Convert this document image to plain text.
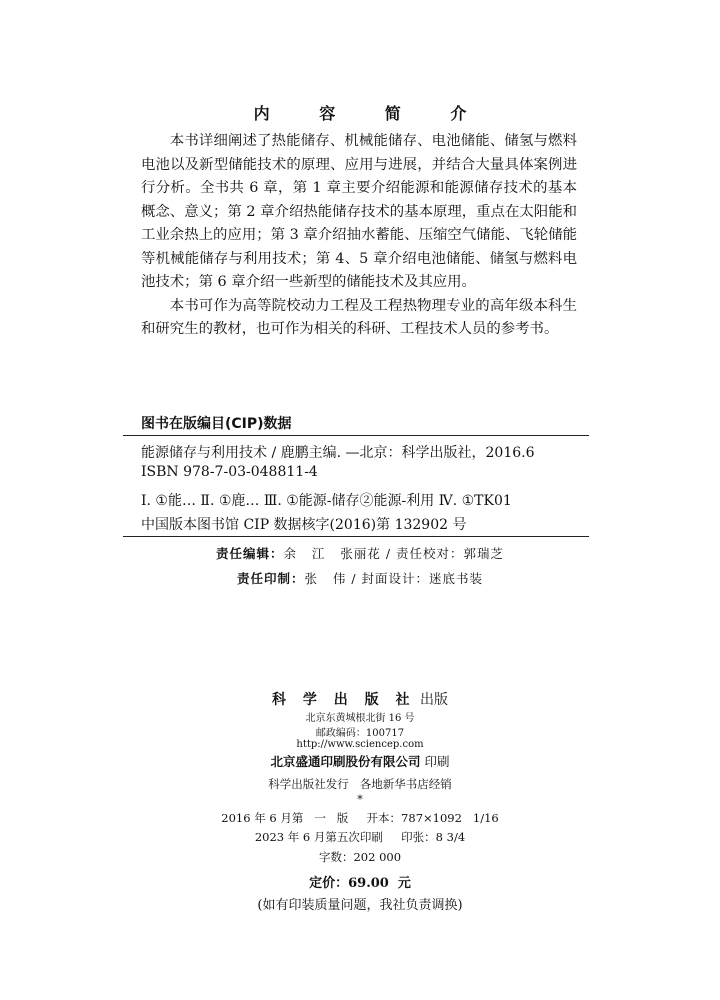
内 容 简 介

本书详细阐述了热能储存、机械能储存、电池储能、储氢与燃料电池以及新型储能技术的原理、应用与进展，并结合大量具体案例进行分析。全书共 6 章，第 1 章主要介绍能源和能源储存技术的基本概念、意义；第 2 章介绍热能储存技术的基本原理，重点在太阳能和工业余热上的应用；第 3 章介绍抽水蓄能、压缩空气储能、飞轮储能等机械能储存与利用技术；第 4、5 章介绍电池储能、储氢与燃料电池技术；第 6 章介绍一些新型的储能技术及其应用。

本书可作为高等院校动力工程及工程热物理专业的高年级本科生和研究生的教材，也可作为相关的科研、工程技术人员的参考书。

图书在版编目(CIP)数据
能源储存与利用技术 / 鹿鹏主编. —北京：科学出版社，2016.6
ISBN 978-7-03-048811-4
Ⅰ. ①能… Ⅱ. ①鹿… Ⅲ. ①能源-储存②能源-利用 Ⅳ. ①TK01
中国版本图书馆 CIP 数据核字(2016)第 132902 号
责任编辑：余   江   张丽花 / 责任校对：郭瑞芝
责任印制：张   伟 / 封面设计：迷底书装
科 学 出 版 社 出版
北京东黄城根北街 16 号
邮政编码：100717
http://www.sciencep.com
北京盛通印刷股份有限公司 印刷
科学出版社发行   各地新华书店经销
*
2016 年 6 月第   一   版     开本：787×1092   1/16
2023 年 6 月第五次印刷     印张：8 3/4
字数：202 000
定价：69.00  元
(如有印装质量问题，我社负责调换)
